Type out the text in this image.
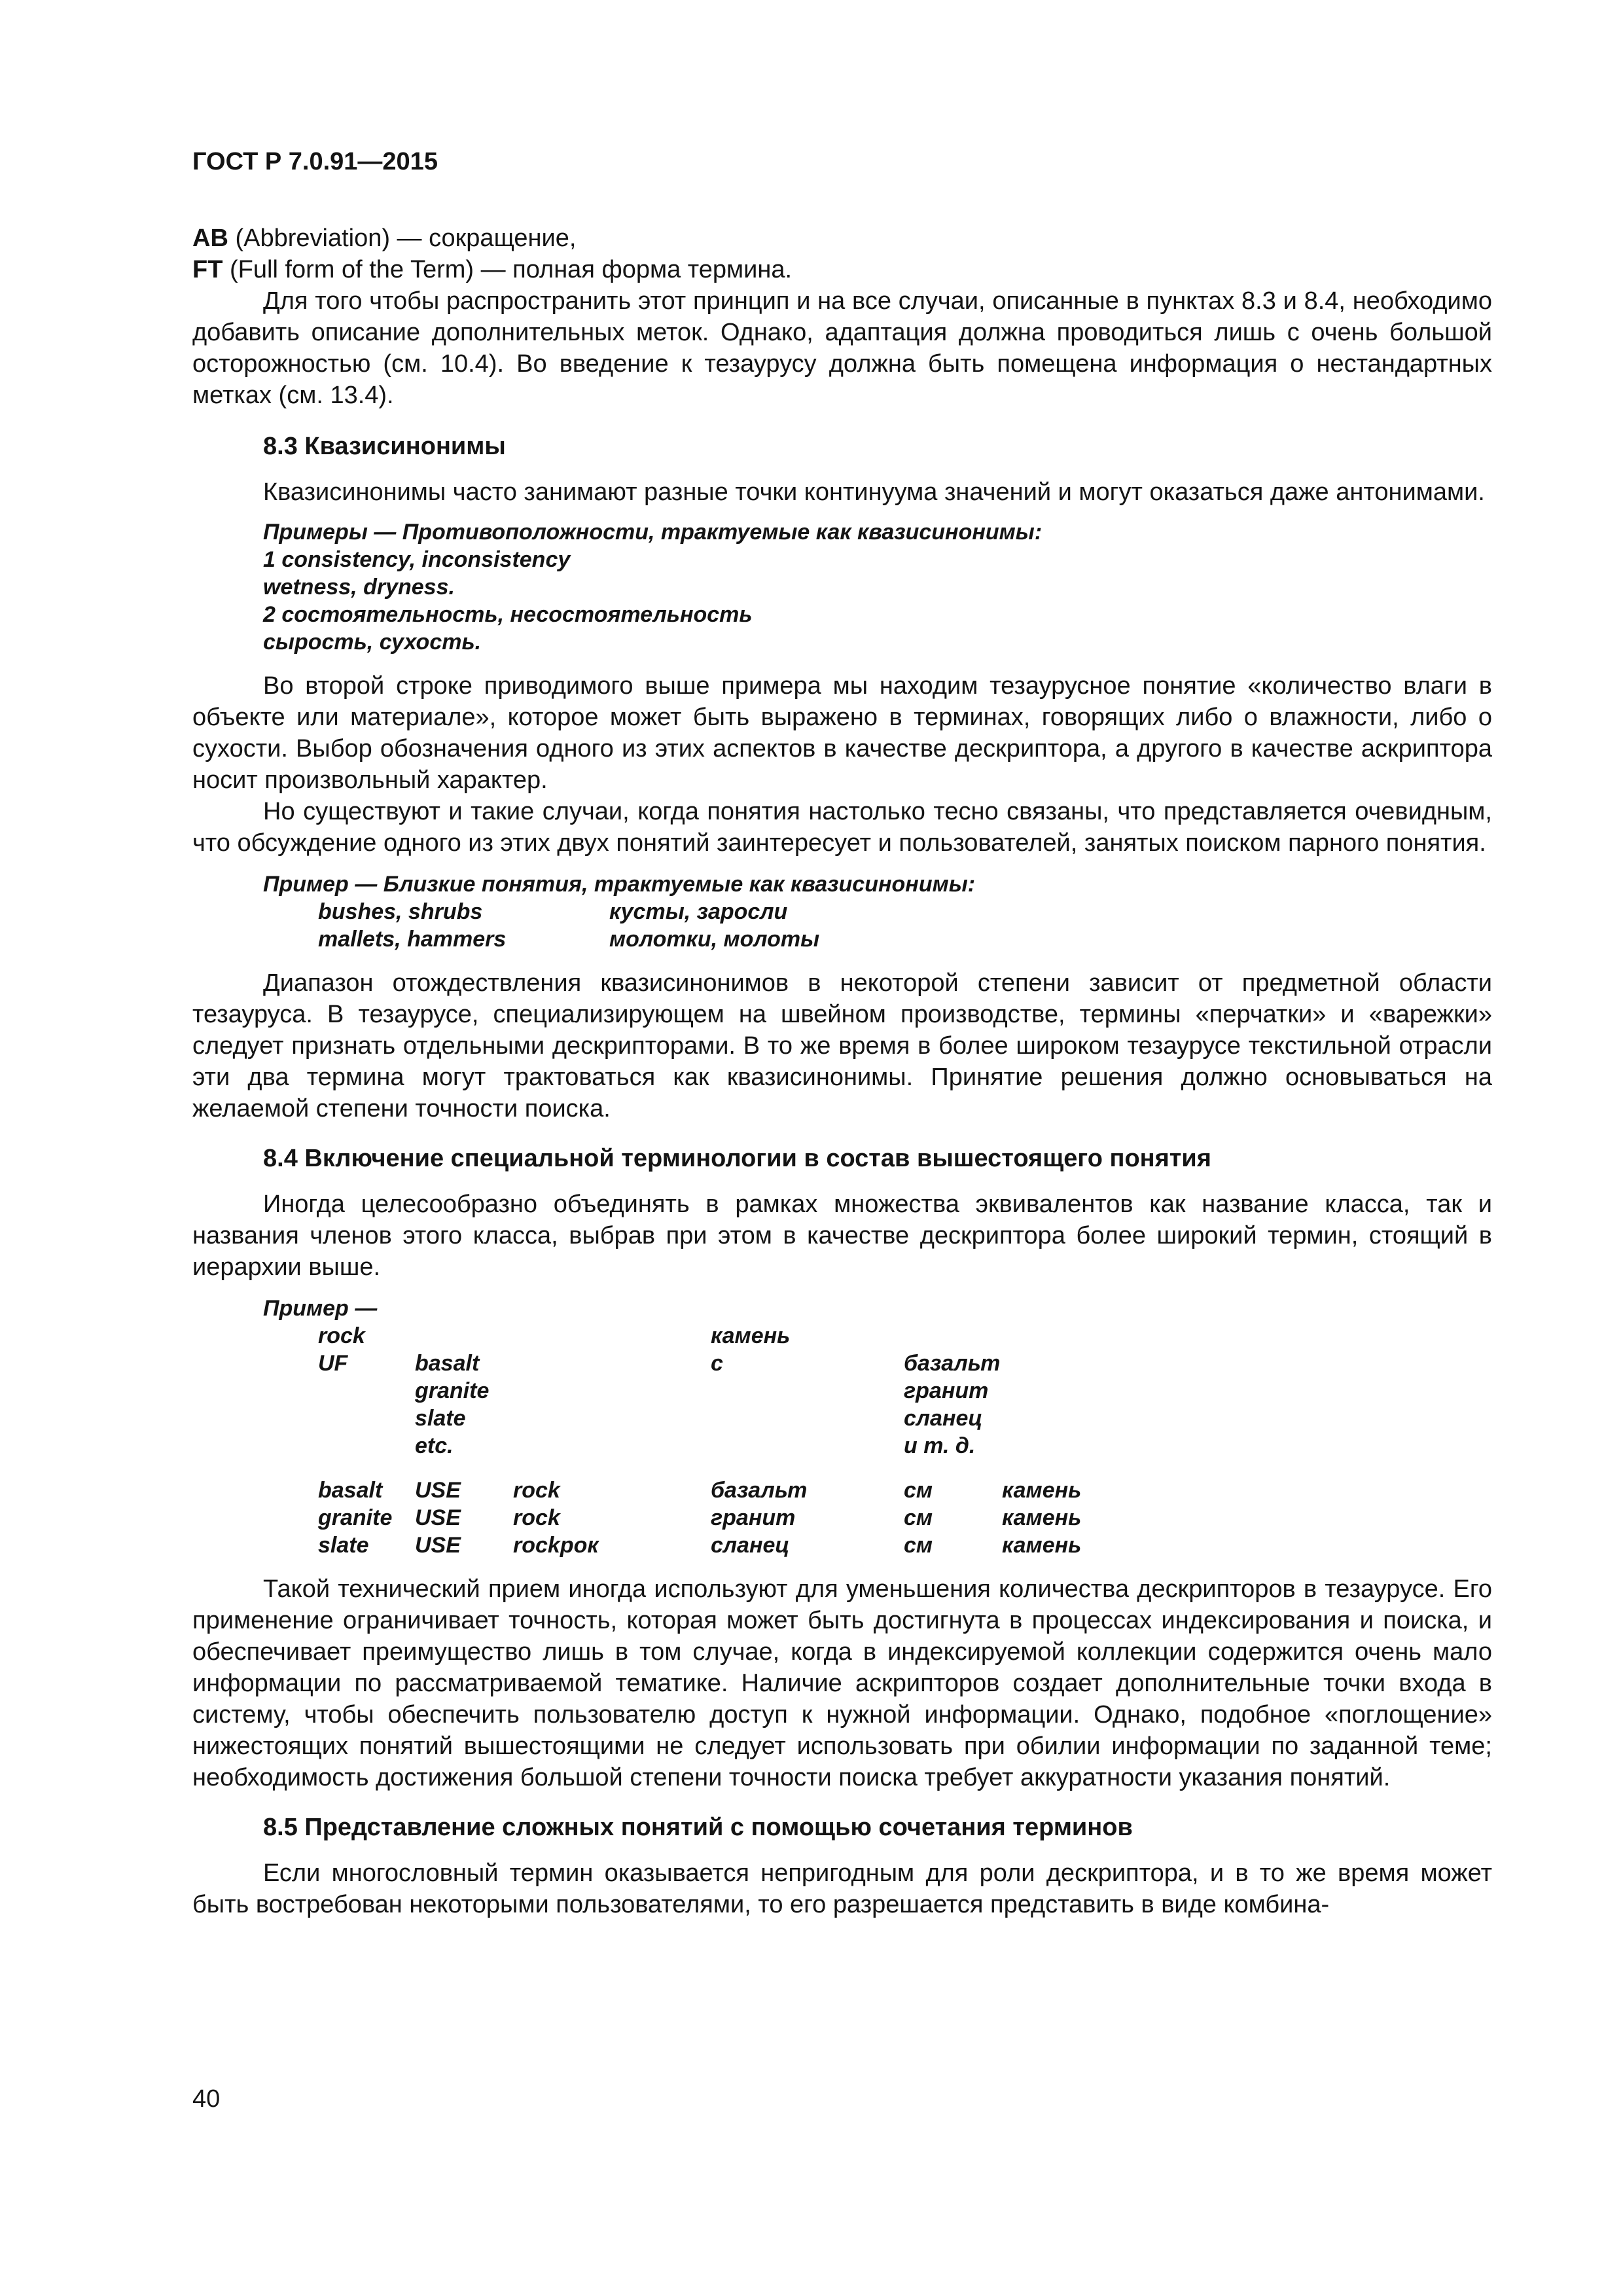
ГОСТ Р 7.0.91—2015

AB (Abbreviation) — сокращение,

FT (Full form of the Term) — полная форма термина.

Для того чтобы распространить этот принцип и на все случаи, описанные в пунктах 8.3 и 8.4, необходимо добавить описание дополнительных меток. Однако, адаптация должна проводиться лишь с очень большой осторожностью (см. 10.4). Во введение к тезаурусу должна быть помещена информация о нестандартных метках (см. 13.4).

8.3 Квазисинонимы

Квазисинонимы часто занимают разные точки континуума значений и могут оказаться даже антонимами.

Примеры — Противоположности, трактуемые как квазисинонимы:
1 consistency, inconsistency
wetness, dryness.
2 состоятельность, несостоятельность
сырость, сухость.

Во второй строке приводимого выше примера мы находим тезаурусное понятие «количество влаги в объекте или материале», которое может быть выражено в терминах, говорящих либо о влажности, либо о сухости. Выбор обозначения одного из этих аспектов в качестве дескриптора, а другого в качестве аскриптора носит произвольный характер.

Но существуют и такие случаи, когда понятия настолько тесно связаны, что представляется очевидным, что обсуждение одного из этих двух понятий заинтересует и пользователей, занятых поиском парного понятия.

Пример — Близкие понятия, трактуемые как квазисинонимы:
bushes, shrubs	кусты, заросли
mallets, hammers	молотки, молоты

Диапазон отождествления квазисинонимов в некоторой степени зависит от предметной области тезауруса. В тезаурусе, специализирующем на швейном производстве, термины «перчатки» и «варежки» следует признать отдельными дескрипторами. В то же время в более широком тезаурусе текстильной отрасли эти два термина могут трактоваться как квазисинонимы. Принятие решения должно основываться на желаемой степени точности поиска.

8.4 Включение специальной терминологии в состав вышестоящего понятия

Иногда целесообразно объединять в рамках множества эквивалентов как название класса, так и названия членов этого класса, выбрав при этом в качестве дескриптора более широкий термин, стоящий в иерархии выше.

Пример —
rock			камень		
UF	basalt		с	базальт	
	granite			гранит	
	slate			сланец	
	etc.			и т. д.	

basalt	USE	rock	базальт	см	камень
granite	USE	rock	гранит	см	камень
slate	USE	rockрок	сланец	см	камень

Такой технический прием иногда используют для уменьшения количества дескрипторов в тезаурусе. Его применение ограничивает точность, которая может быть достигнута в процессах индексирования и поиска, и обеспечивает преимущество лишь в том случае, когда в индексируемой коллекции содержится очень мало информации по рассматриваемой тематике. Наличие аскрипторов создает дополнительные точки входа в систему, чтобы обеспечить пользователю доступ к нужной информации. Однако, подобное «поглощение» нижестоящих понятий вышестоящими не следует использовать при обилии информации по заданной теме; необходимость достижения большой степени точности поиска требует аккуратности указания понятий.

8.5 Представление сложных понятий с помощью сочетания терминов

Если многословный термин оказывается непригодным для роли дескриптора, и в то же время может быть востребован некоторыми пользователями, то его разрешается представить в виде комбина-

40
